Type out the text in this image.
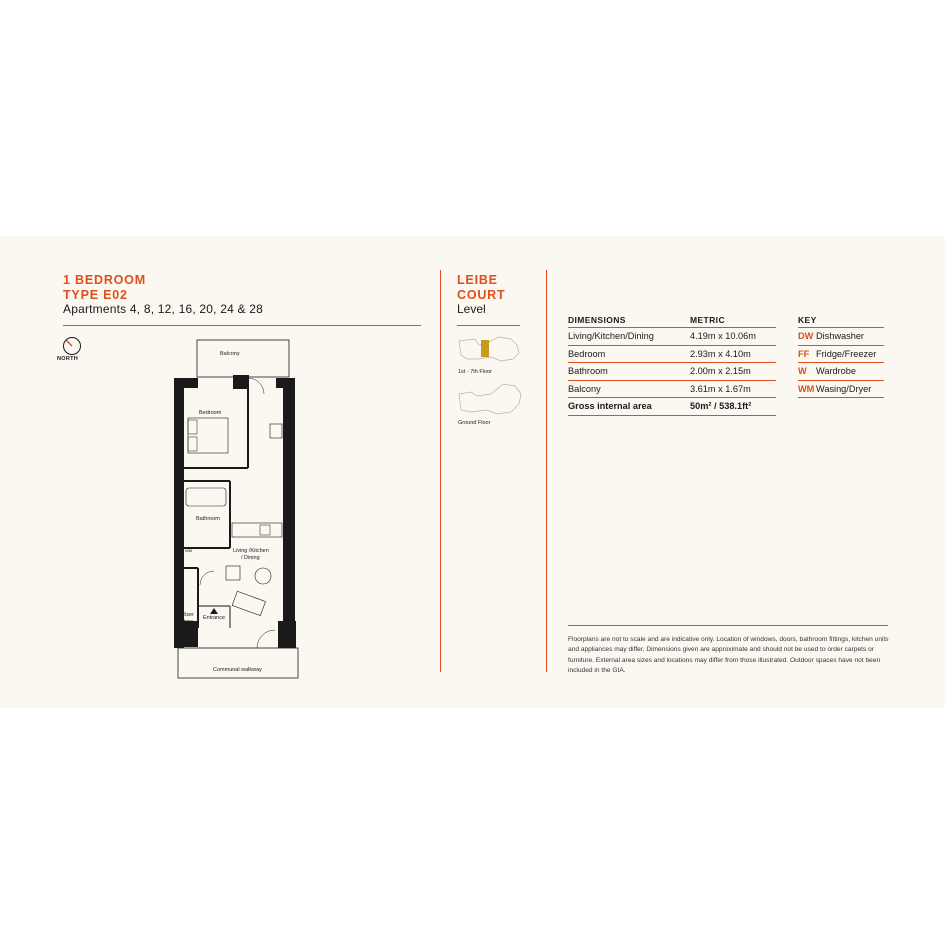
1 BEDROOM
TYPE E02
Apartments 4, 8, 12, 16, 20, 24 & 28
NORTH
Balcony
Bedroom
Bathroom
Living /Kitchen
/ Dining
Riser
Store
Entrance
Communal walkway
WM
LEIBE
COURT
Level
1st - 7th Floor
Ground Floor
DIMENSIONS	METRIC
Living/Kitchen/Dining	4.19m x 10.06m
Bedroom	2.93m x 4.10m
Bathroom	2.00m x 2.15m
Balcony	3.61m x 1.67m
Gross internal area	50m² / 538.1ft²
KEY	
DW	Dishwasher
FF	Fridge/Freezer
W	Wardrobe
WM	Wasing/Dryer
Floorplans are not to scale and are indicative only. Location of windows, doors, bathroom fittings, kitchen units and appliances may differ. Dimensions given are approximate and should not be used to order carpets or furniture. External area sizes and locations may differ from those illustrated. Outdoor spaces have not been included in the GIA.
